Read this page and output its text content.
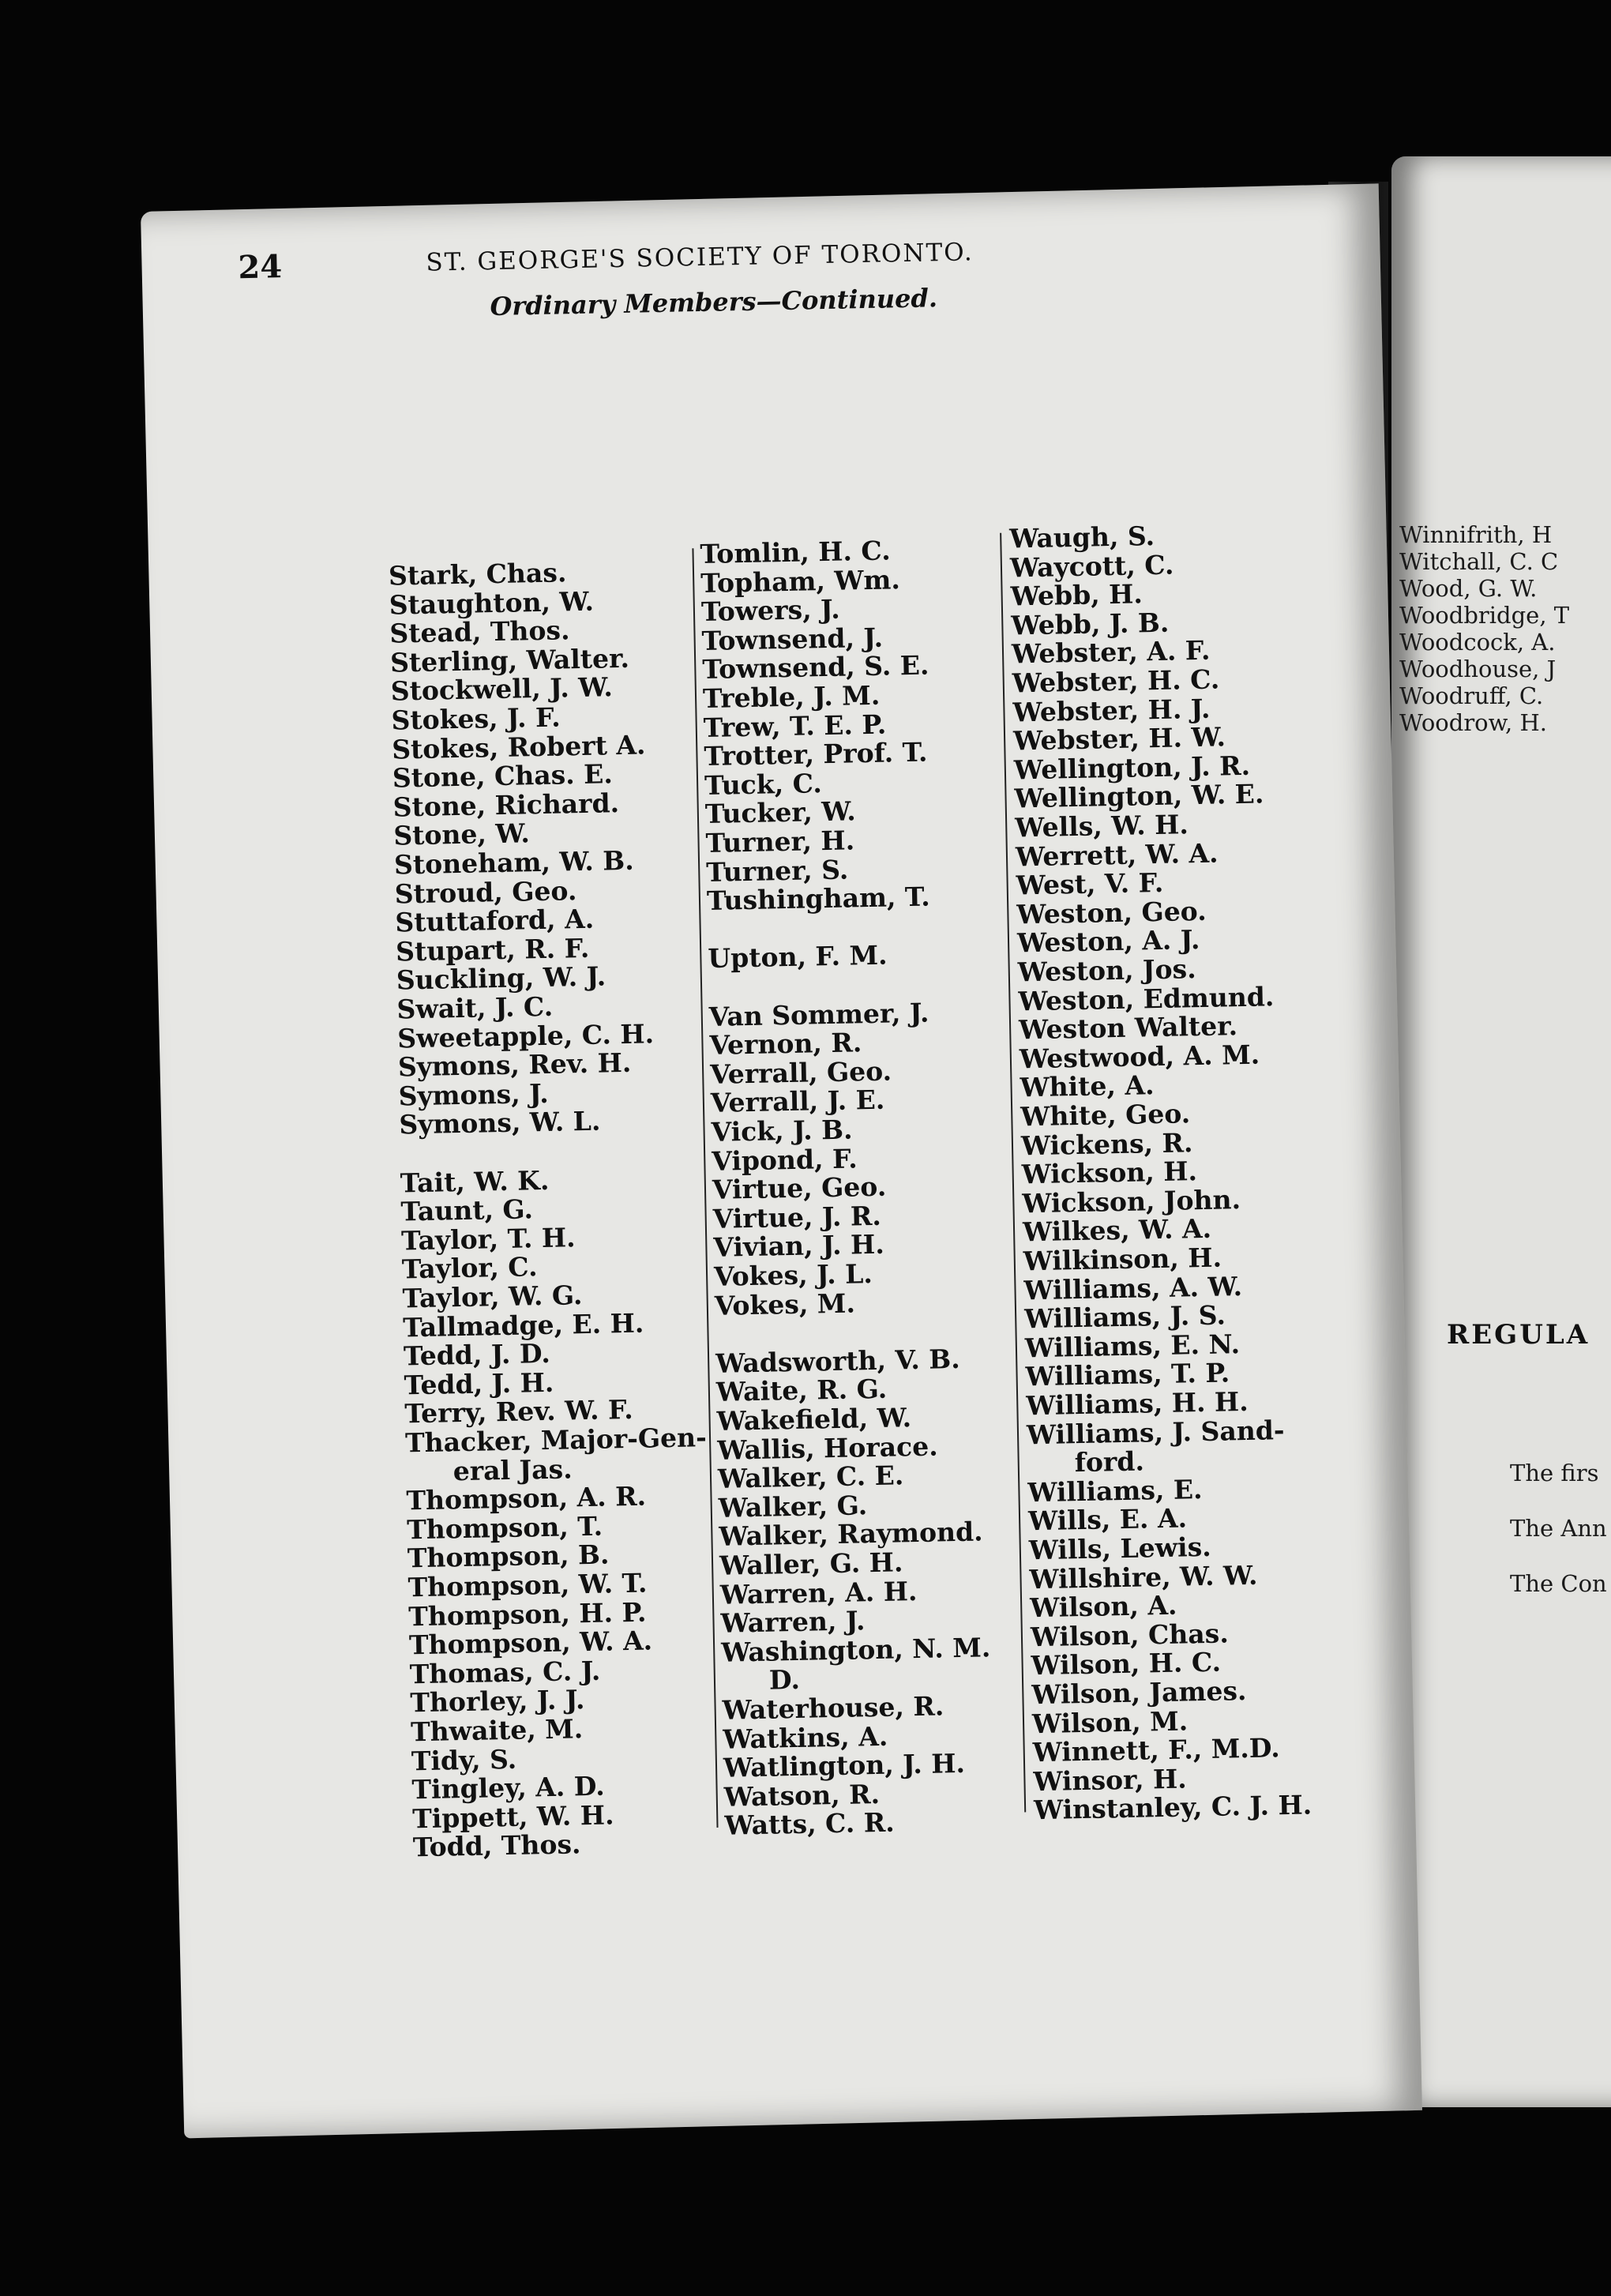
Winnifrith, H
Witchall, C. C
Wood, G. W.
Woodbridge, T
Woodcock, A.
Woodhouse, J
Woodruff, C.
Woodrow, H.
REGULA
The firs
The Ann
The Con
24	ST. GEORGE'S SOCIETY OF TORONTO.
Ordinary Members—Continued.
Stark, Chas.
Staughton, W.
Stead, Thos.
Sterling, Walter.
Stockwell, J. W.
Stokes, J. F.
Stokes, Robert A.
Stone, Chas. E.
Stone, Richard.
Stone, W.
Stoneham, W. B.
Stroud, Geo.
Stuttaford, A.
Stupart, R. F.
Suckling, W. J.
Swait, J. C.
Sweetapple, C. H.
Symons, Rev. H.
Symons, J.
Symons, W. L.
Tait, W. K.
Taunt, G.
Taylor, T. H.
Taylor, C.
Taylor, W. G.
Tallmadge, E. H.
Tedd, J. D.
Tedd, J. H.
Terry, Rev. W. F.
Thacker, Major-Gen-
eral Jas.
Thompson, A. R.
Thompson, T.
Thompson, B.
Thompson, W. T.
Thompson, H. P.
Thompson, W. A.
Thomas, C. J.
Thorley, J. J.
Thwaite, M.
Tidy, S.
Tingley, A. D.
Tippett, W. H.
Todd, Thos.
Tomlin, H. C.
Topham, Wm.
Towers, J.
Townsend, J.
Townsend, S. E.
Treble, J. M.
Trew, T. E. P.
Trotter, Prof. T.
Tuck, C.
Tucker, W.
Turner, H.
Turner, S.
Tushingham, T.
Upton, F. M.
Van Sommer, J.
Vernon, R.
Verrall, Geo.
Verrall, J. E.
Vick, J. B.
Vipond, F.
Virtue, Geo.
Virtue, J. R.
Vivian, J. H.
Vokes, J. L.
Vokes, M.
Wadsworth, V. B.
Waite, R. G.
Wakefield, W.
Wallis, Horace.
Walker, C. E.
Walker, G.
Walker, Raymond.
Waller, G. H.
Warren, A. H.
Warren, J.
Washington, N. M.
D.
Waterhouse, R.
Watkins, A.
Watlington, J. H.
Watson, R.
Watts, C. R.
Waugh, S.
Waycott, C.
Webb, H.
Webb, J. B.
Webster, A. F.
Webster, H. C.
Webster, H. J.
Webster, H. W.
Wellington, J. R.
Wellington, W. E.
Wells, W. H.
Werrett, W. A.
West, V. F.
Weston, Geo.
Weston, A. J.
Weston, Jos.
Weston, Edmund.
Weston Walter.
Westwood, A. M.
White, A.
White, Geo.
Wickens, R.
Wickson, H.
Wickson, John.
Wilkes, W. A.
Wilkinson, H.
Williams, A. W.
Williams, J. S.
Williams, E. N.
Williams, T. P.
Williams, H. H.
Williams, J. Sand-
ford.
Williams, E.
Wills, E. A.
Wills, Lewis.
Willshire, W. W.
Wilson, A.
Wilson, Chas.
Wilson, H. C.
Wilson, James.
Wilson, M.
Winnett, F., M.D.
Winsor, H.
Winstanley, C. J. H.
